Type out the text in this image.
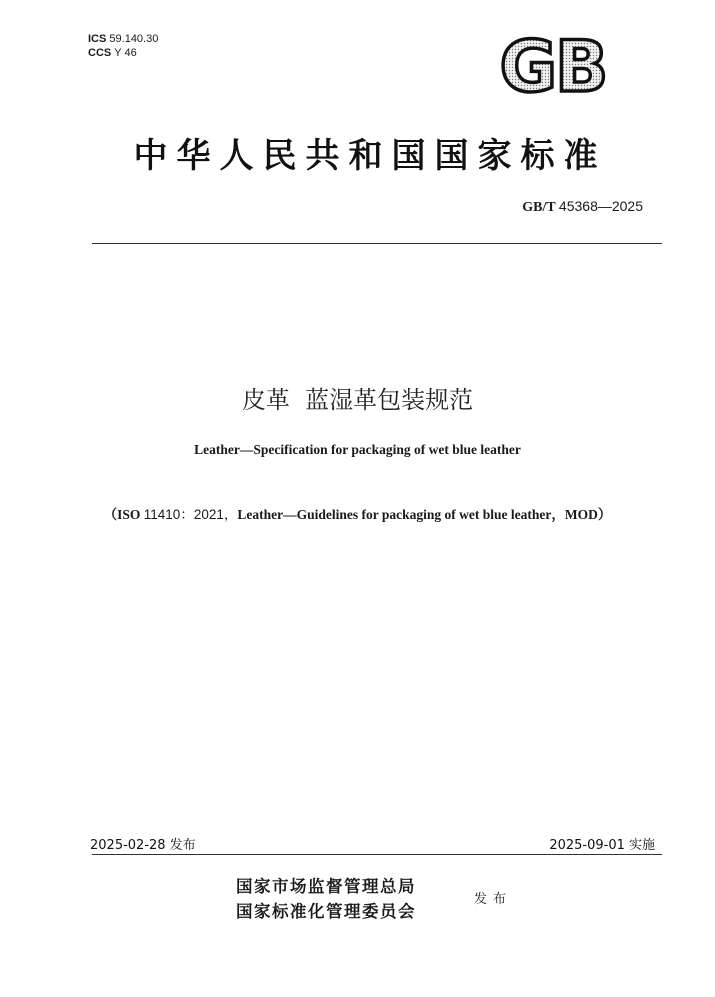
ICS 59.140.30
CCS Y 46	GB
中华人民共和国国家标准
GB/T 45368—2025
皮革  蓝湿革包装规范
Leather—Specification for packaging of wet blue leather
（ISO 11410：2021，Leather—Guidelines for packaging of wet blue leather，MOD）
2025-02-28 发布	2025-09-01 实施
国家市场监督管理总局
国家标准化管理委员会
发布
